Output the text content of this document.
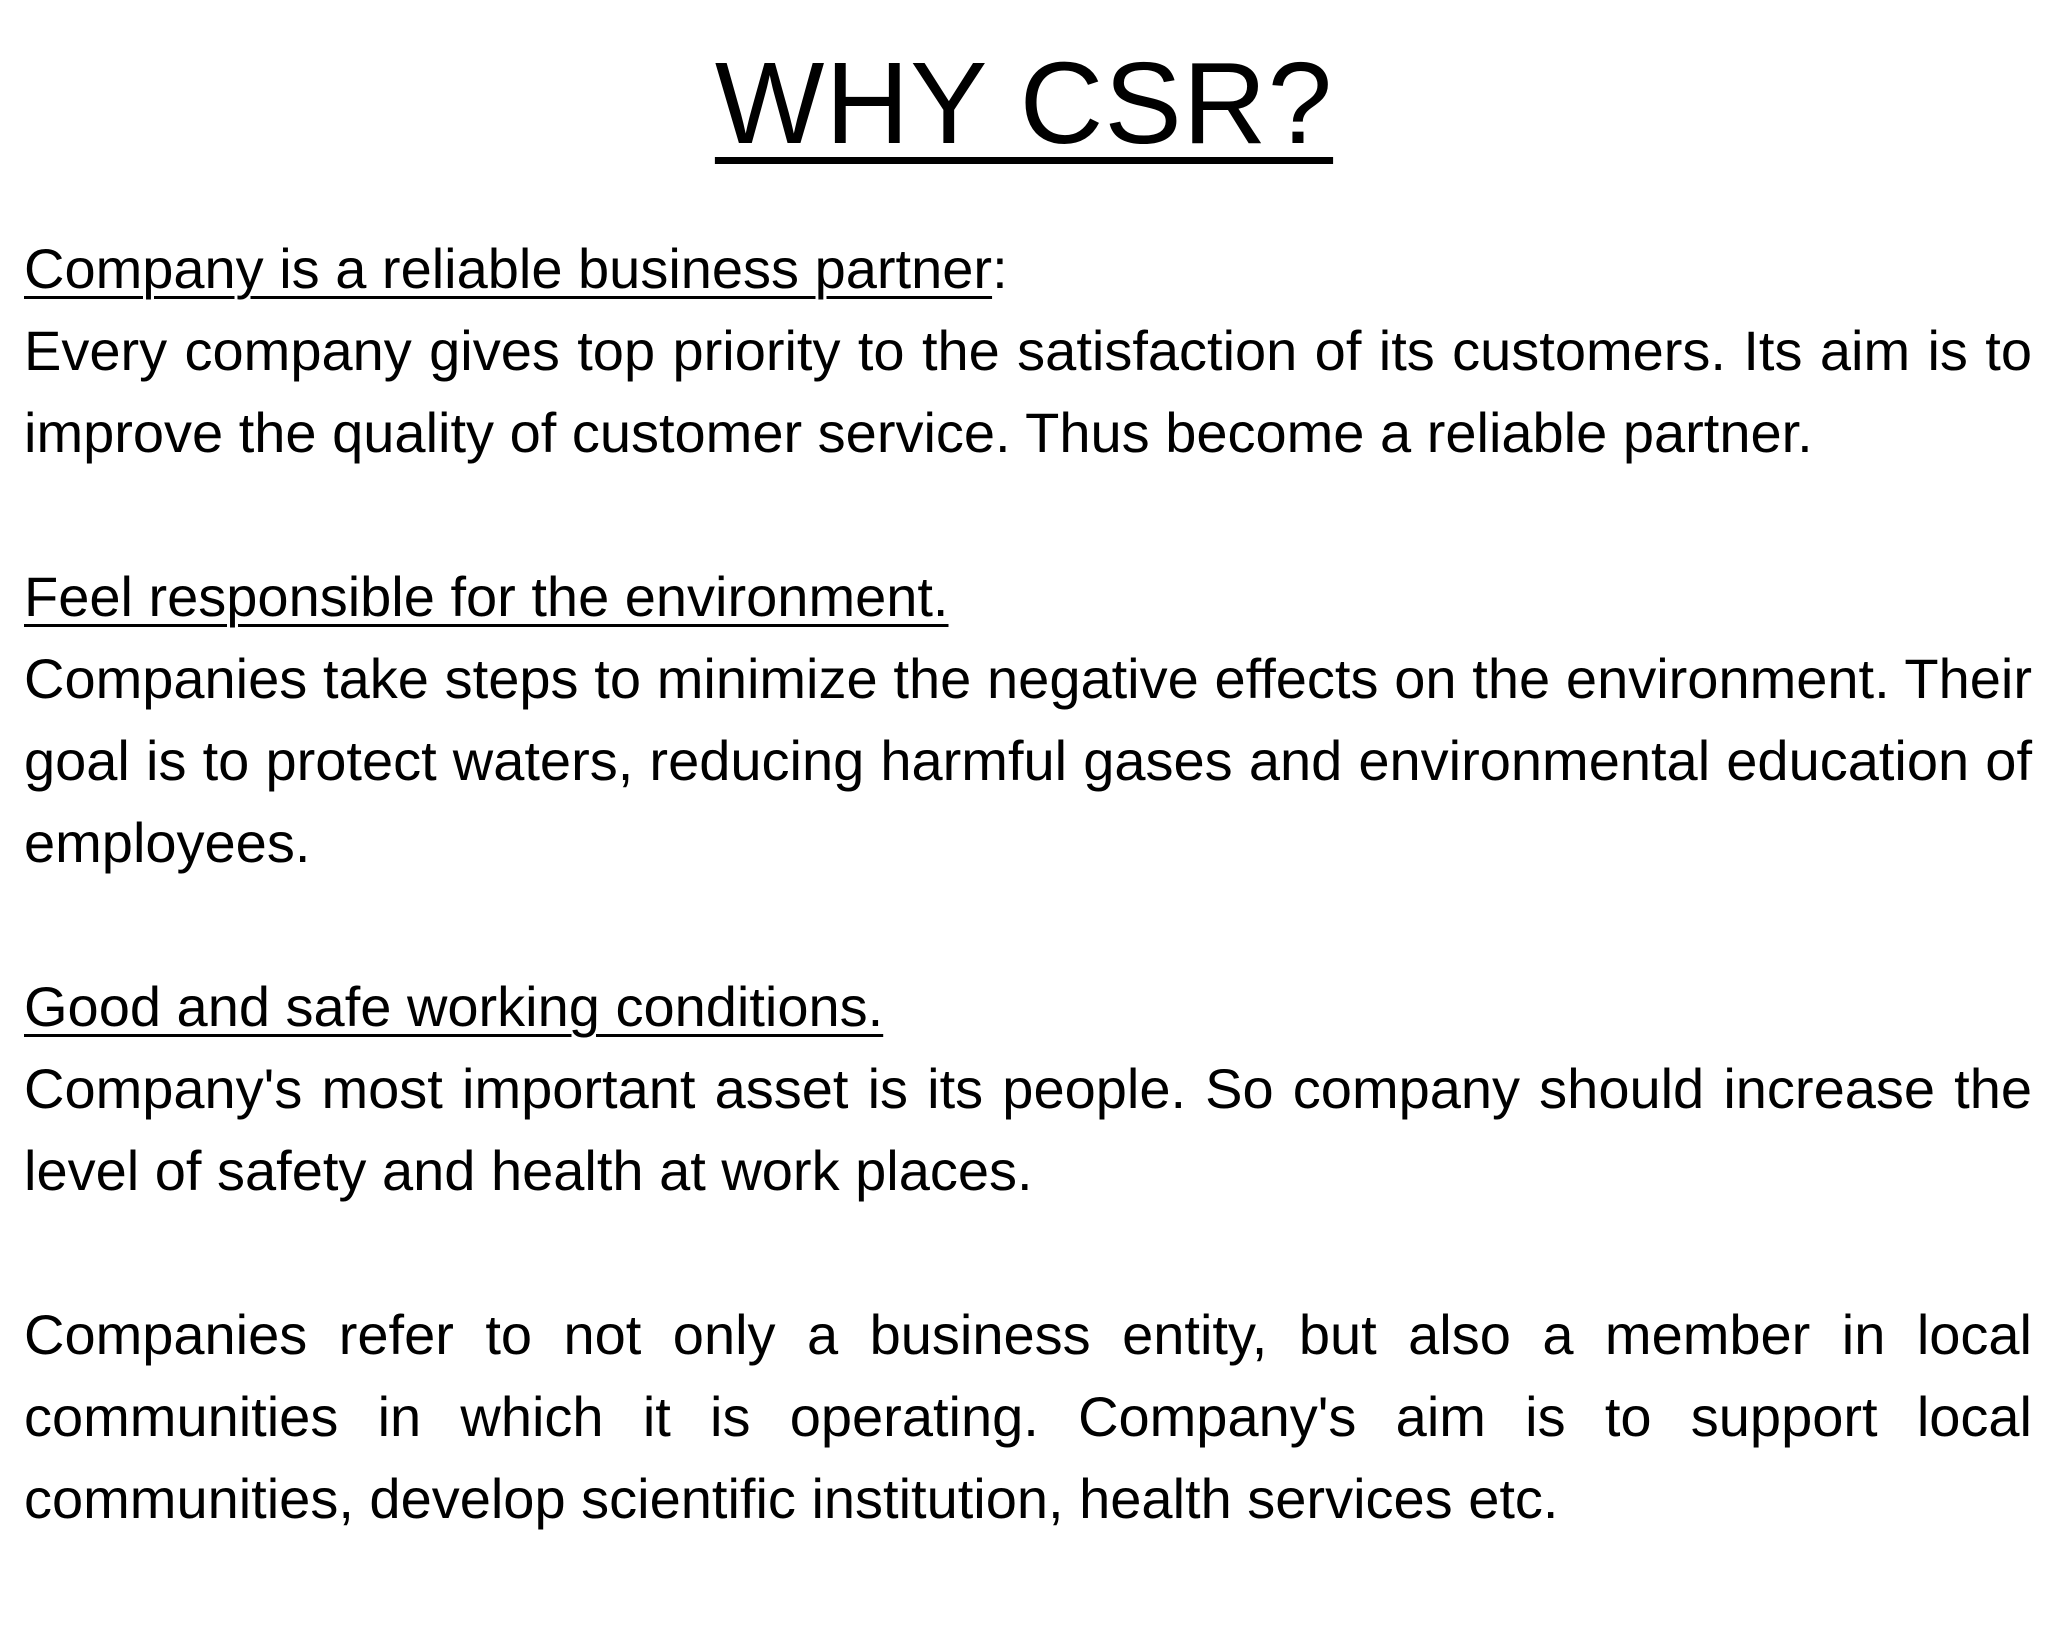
WHY CSR?

Company is a reliable business partner:

Every company gives top priority to the satisfaction of its customers. Its aim is to improve the quality of customer service. Thus become a reliable partner.

Feel responsible for the environment.

Companies take steps to minimize the negative effects on the environment. Their goal is to protect waters, reducing harmful gases and environmental education of employees.

Good and safe working conditions.

Company's most important asset is its people. So company should increase the level of safety and health at work places.

Companies refer to not only a business entity, but also a member in local communities in which it is operating. Company's aim is to support local communities, develop scientific institution, health services etc.
